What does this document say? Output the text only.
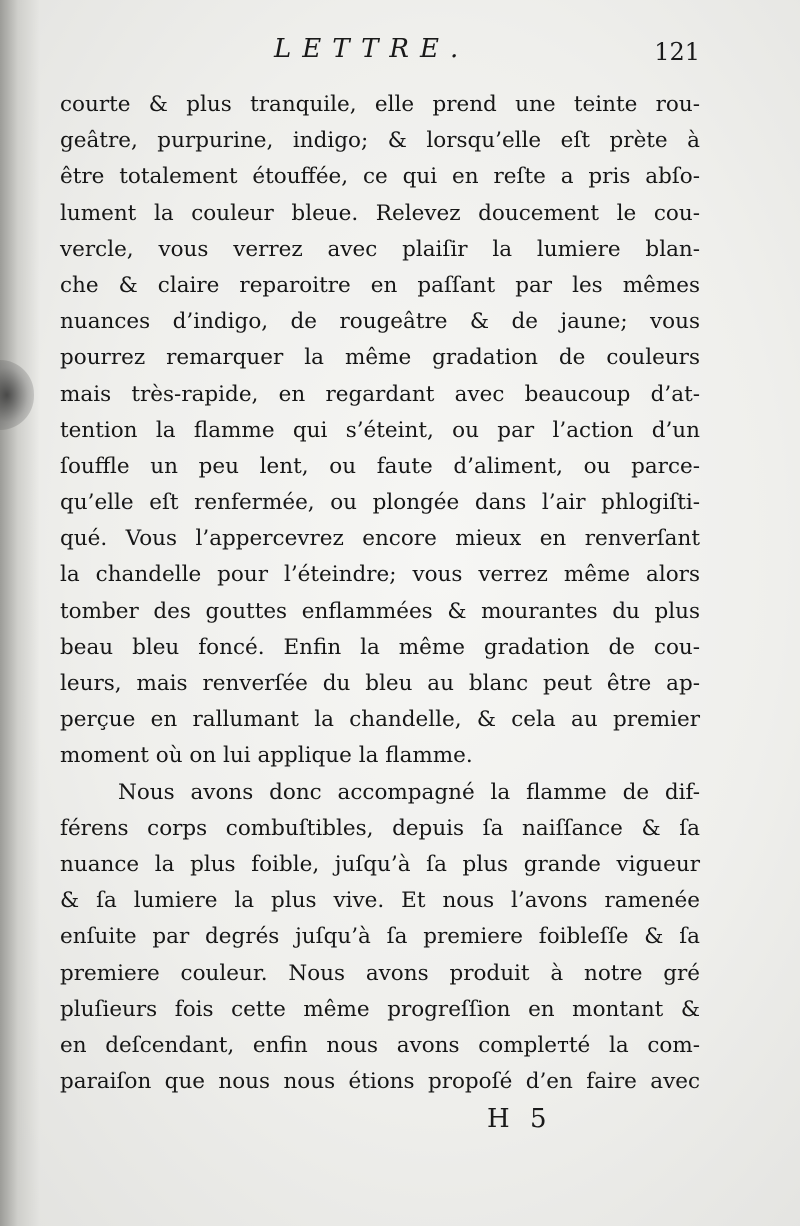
LETTRE.	121
courte & plus tranquile, elle prend une teinte rou-
geâtre, purpurine, indigo; & lorsqu’elle eſt prète à
être totalement étouffée, ce qui en reſte a pris abſo-
lument la couleur bleue. Relevez doucement le cou-
vercle, vous verrez avec plaiſir la lumiere blan-
che & claire reparoitre en paſſant par les mêmes
nuances d’indigo, de rougeâtre & de jaune; vous
pourrez remarquer la même gradation de couleurs
mais très-rapide, en regardant avec beaucoup d’at-
tention la flamme qui s’éteint, ou par l’action d’un
ſouffle un peu lent, ou faute d’aliment, ou parce-
qu’elle eſt renfermée, ou plongée dans l’air phlogiſti-
qué. Vous l’appercevrez encore mieux en renverſant
la chandelle pour l’éteindre; vous verrez même alors
tomber des gouttes enflammées & mourantes du plus
beau bleu foncé. Enfin la même gradation de cou-
leurs, mais renverſée du bleu au blanc peut être ap-
perçue en rallumant la chandelle, & cela au premier
moment où on lui applique la flamme.
Nous avons donc accompagné la flamme de dif-
férens corps combuſtibles, depuis ſa naiſſance & ſa
nuance la plus foible, juſqu’à ſa plus grande vigueur
& ſa lumiere la plus vive. Et nous l’avons ramenée
enſuite par degrés juſqu’à ſa premiere foibleſſe & ſa
premiere couleur. Nous avons produit à notre gré
pluſieurs fois cette même progreſſion en montant &
en deſcendant, enfin nous avons complетté la com-
paraiſon que nous nous étions propoſé d’en faire avec
H 5
